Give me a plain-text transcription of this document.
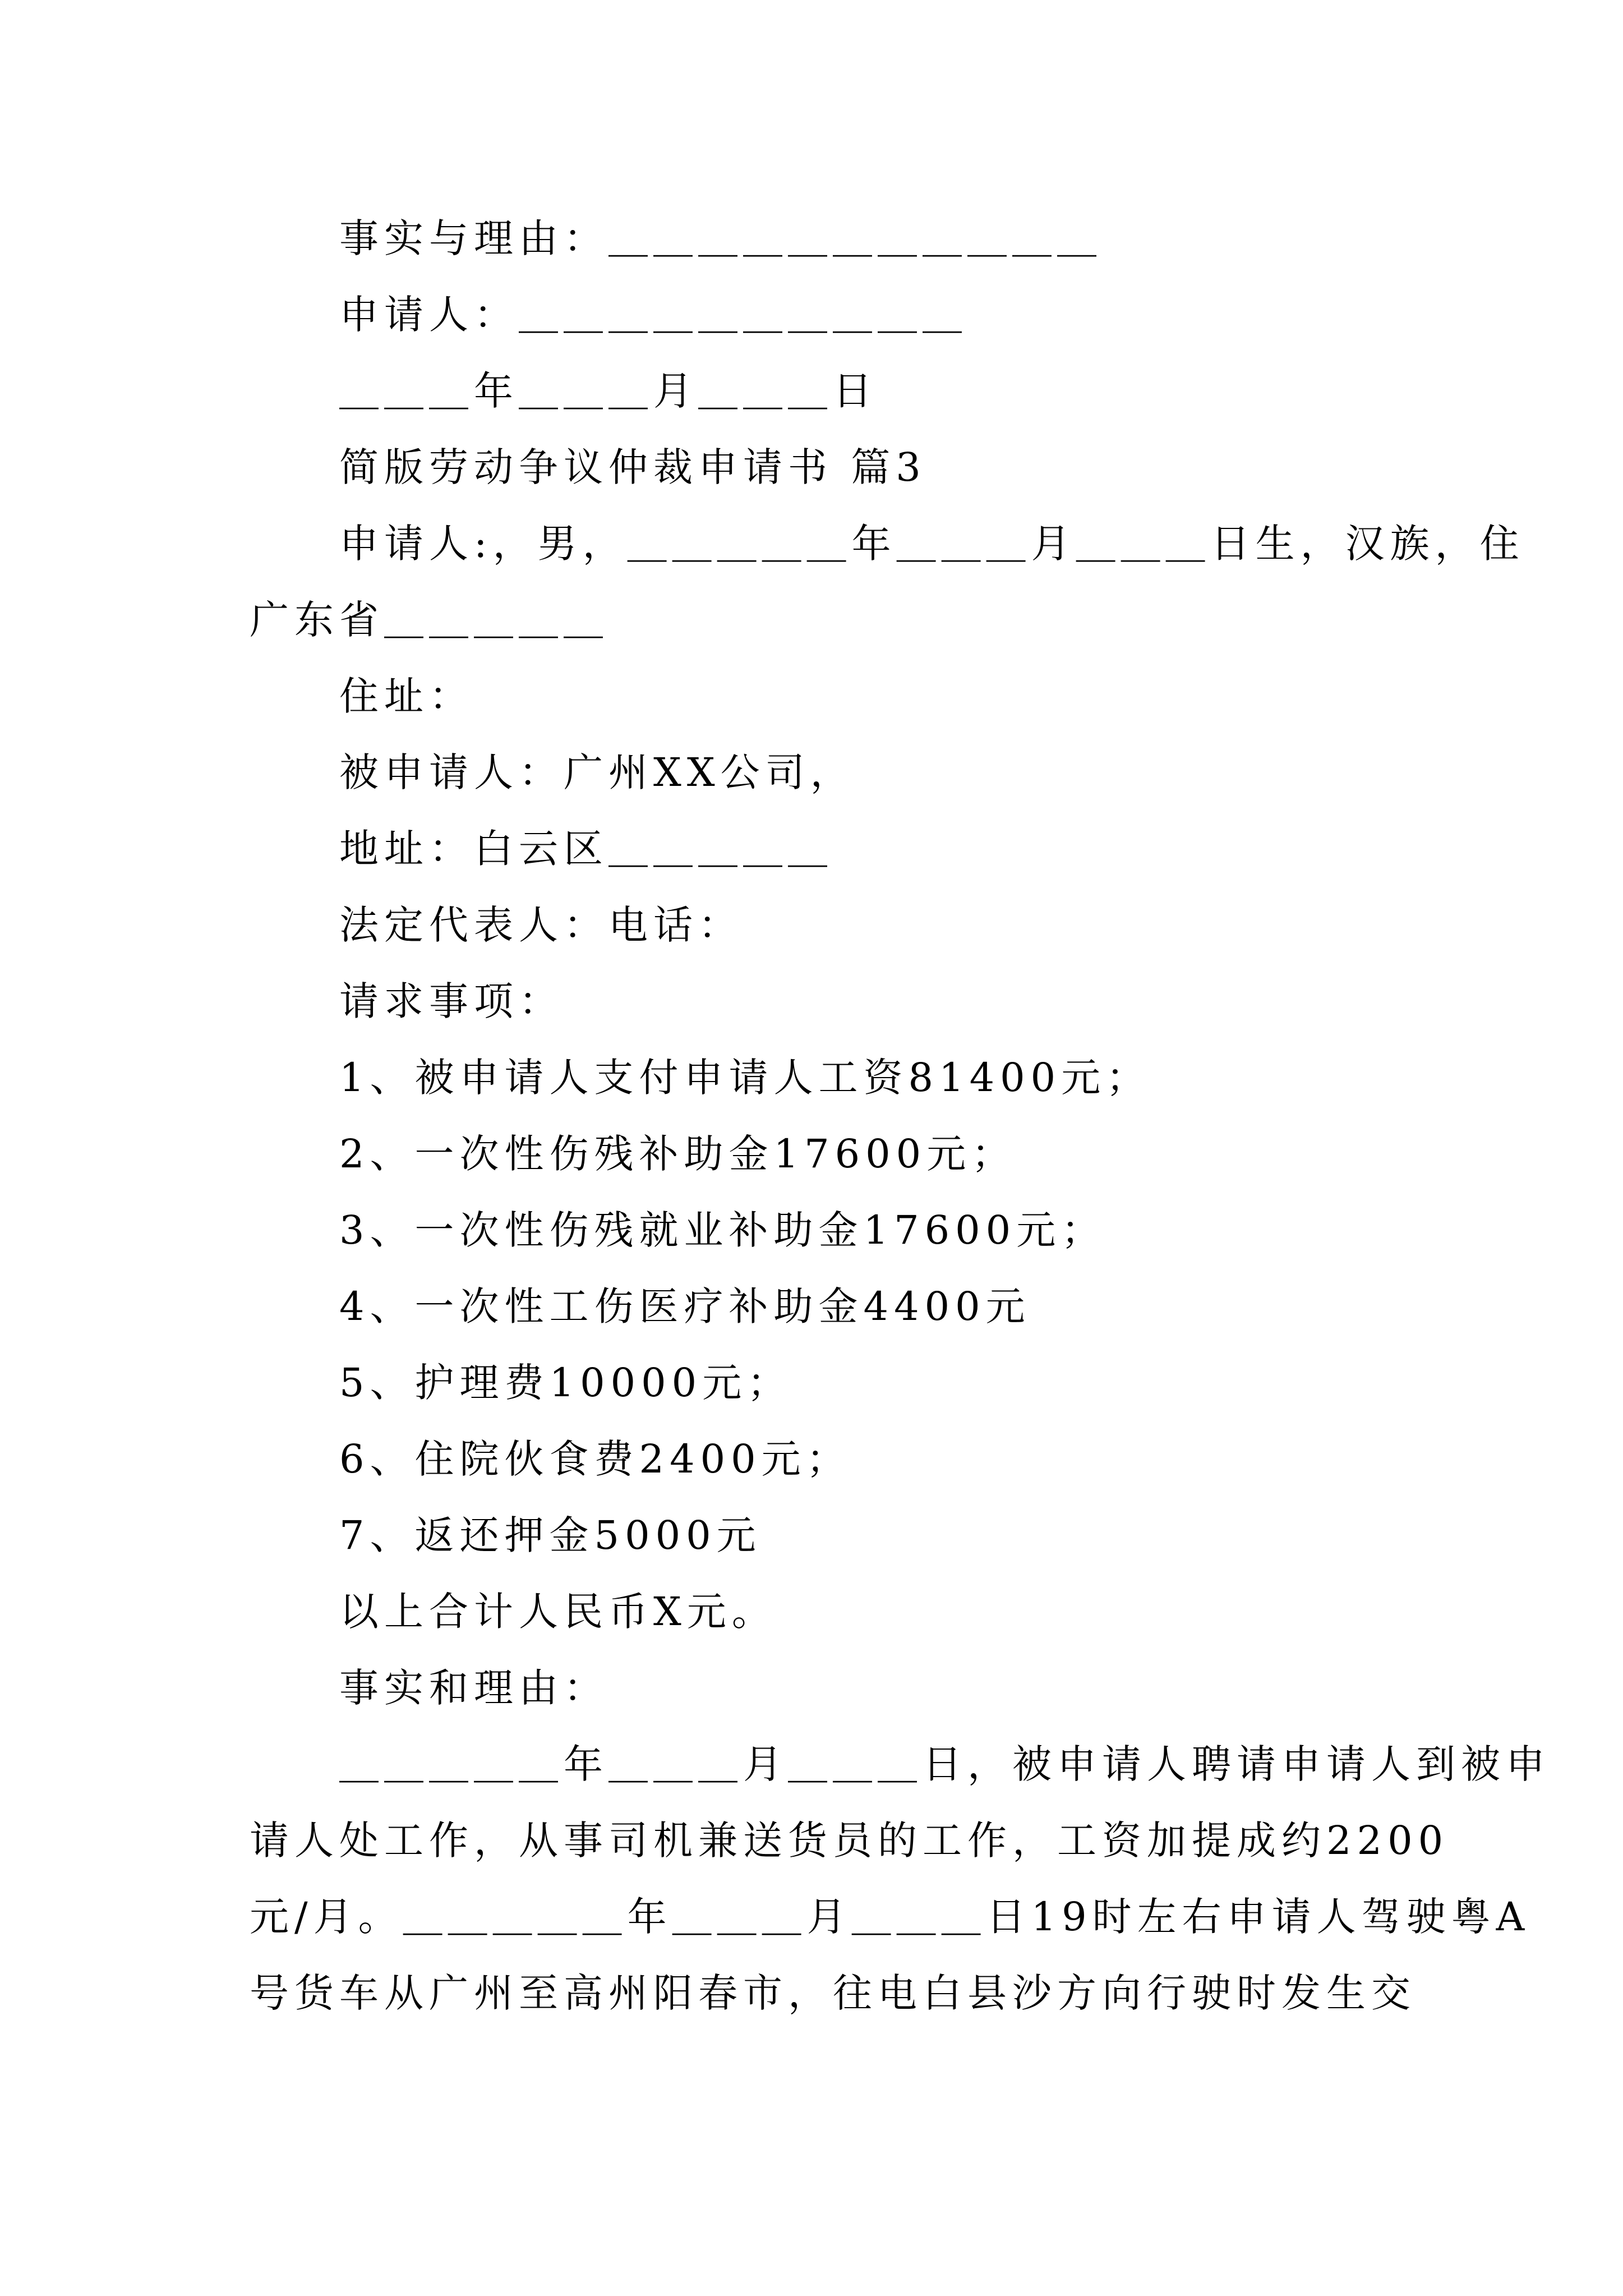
事实与理由：＿＿＿＿＿＿＿＿＿＿＿
申请人：＿＿＿＿＿＿＿＿＿＿
＿＿＿年＿＿＿月＿＿＿日
简版劳动争议仲裁申请书 篇3
申请人:，男，＿＿＿＿＿年＿＿＿月＿＿＿日生，汉族，住
广东省＿＿＿＿＿
住址：
被申请人：广州XX公司，
地址：白云区＿＿＿＿＿
法定代表人：电话：
请求事项：
1、被申请人支付申请人工资81400元；
2、一次性伤残补助金17600元；
3、一次性伤残就业补助金17600元；
4、一次性工伤医疗补助金4400元
5、护理费10000元；
6、住院伙食费2400元；
7、返还押金5000元
以上合计人民币X元。
事实和理由：
＿＿＿＿＿年＿＿＿月＿＿＿日，被申请人聘请申请人到被申
请人处工作，从事司机兼送货员的工作，工资加提成约2200
元/月。＿＿＿＿＿年＿＿＿月＿＿＿日19时左右申请人驾驶粤A
号货车从广州至高州阳春市，往电白县沙方向行驶时发生交
